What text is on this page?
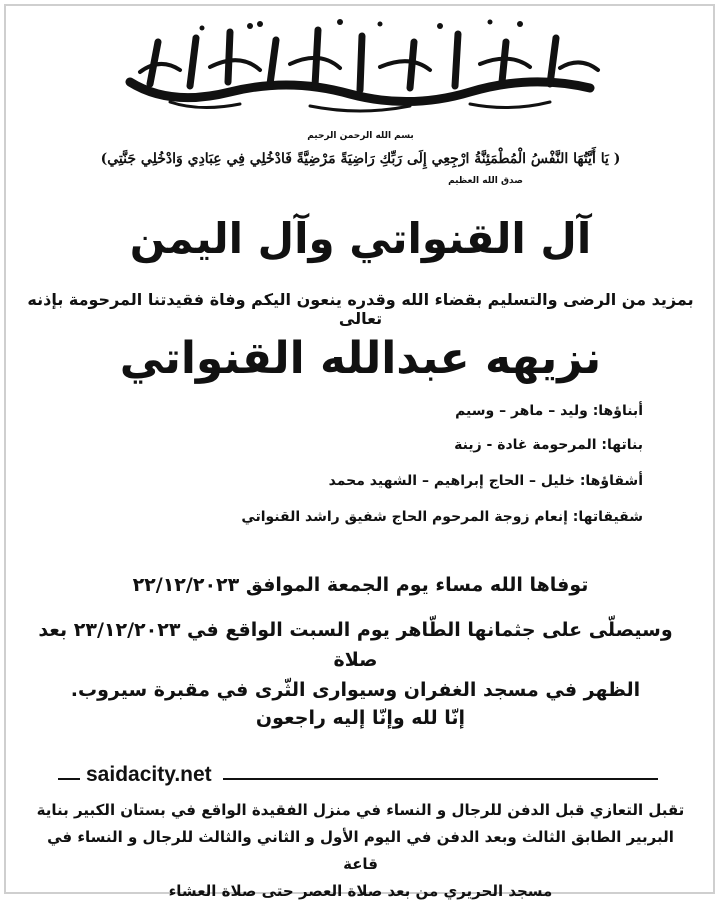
بسم الله الرحمن الرحيم
( يَا أَيَّتُهَا النَّفْسُ الْمُطْمَئِنَّةُ ارْجِعِي إِلَى رَبِّكِ رَاضِيَةً مَرْضِيَّةً فَادْخُلِي فِي عِبَادِي وَادْخُلِي جَنَّتِي)
صدق الله العظيم
آل القنواتي وآل اليمن
بمزيد من الرضى والتسليم بقضاء الله وقدره ينعون اليكم وفاة فقيدتنا المرحومة بإذنه تعالى
نزيهه عبدالله القنواتي
أبناؤها: وليد – ماهر – وسيم
بناتها: المرحومة غادة - زينة
أشقاؤها: خليل – الحاج إبراهيم – الشهيد محمد
شقيقاتها: إنعام زوجة المرحوم الحاج شفيق راشد القنواتي
توفاها الله مساء يوم الجمعة الموافق ٢٢/١٢/٢٠٢٣
وسيصلّى على جثمانها الطّاهر يوم السبت الواقع في ٢٣/١٢/٢٠٢٣ بعد صلاة
الظهر في مسجد الغفران وسيوارى الثّرى في مقبرة سيروب.
إنّا لله وإنّا إليه راجعون
saidacity.net
تقبل التعازي قبل الدفن للرجال و النساء في منزل الفقيدة الواقع في بستان الكبير بناية
البربير الطابق الثالث وبعد الدفن في اليوم الأول و الثاني والثالث للرجال و النساء في قاعة
مسجد الحريري من بعد صلاة العصر حتى صلاة العشاء
